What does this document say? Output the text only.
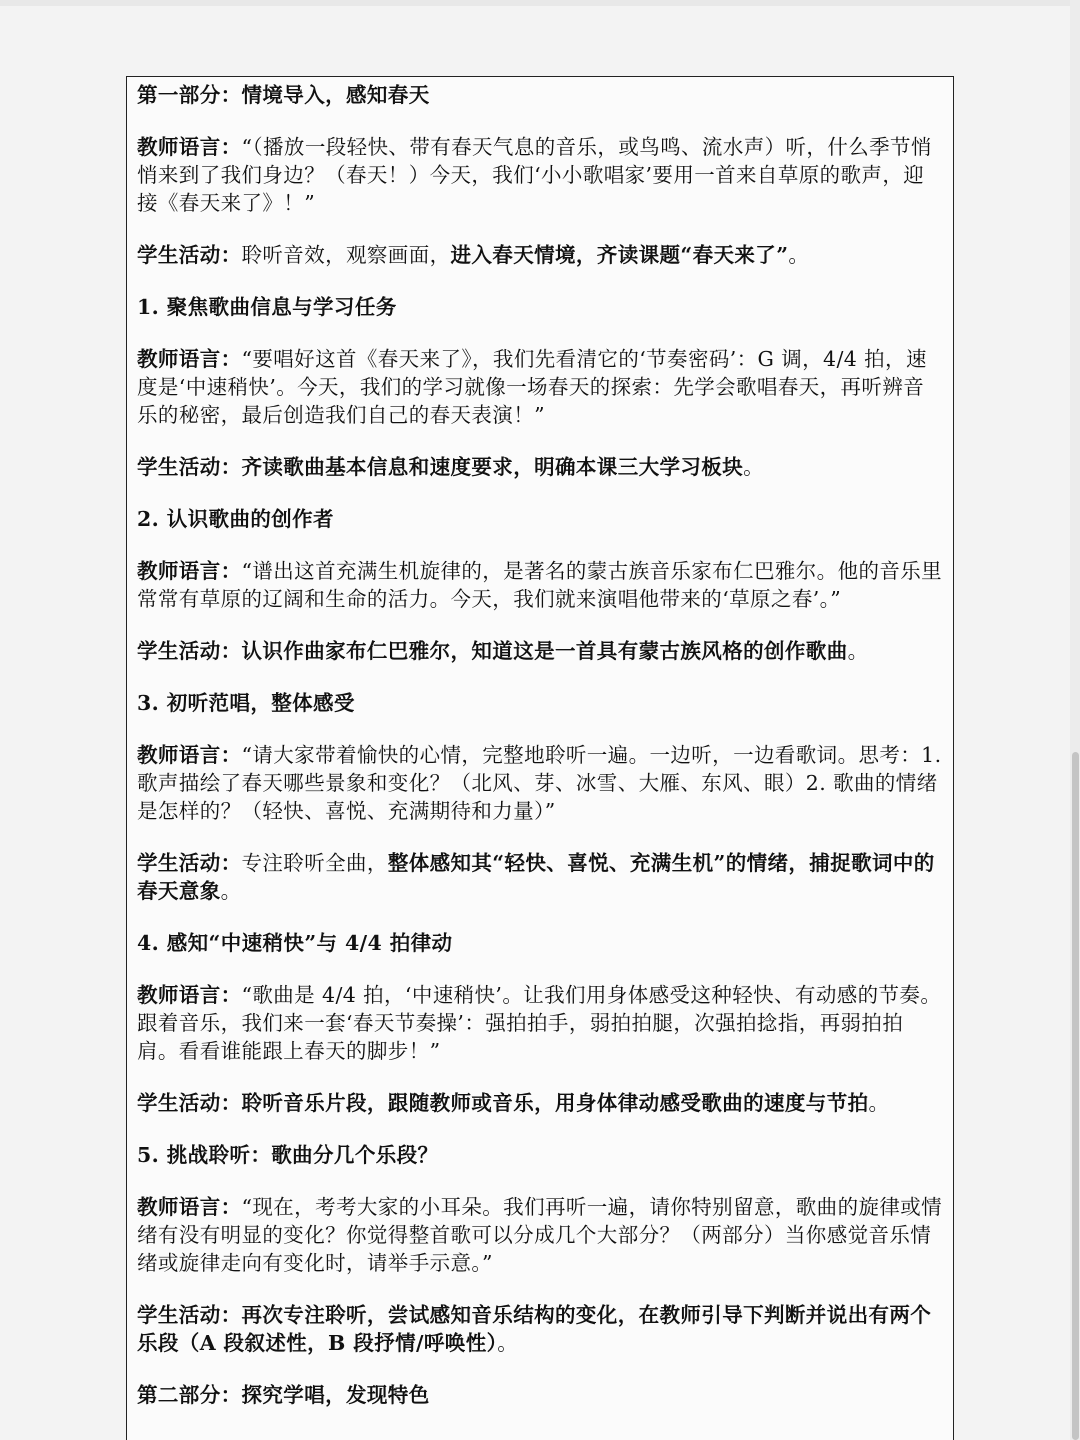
第一部分：情境导入，感知春天

教师语言：“（播放一段轻快、带有春天气息的音乐，或鸟鸣、流水声）听，什么季节悄悄来到了我们身边？（春天！）今天，我们‘小小歌唱家’要用一首来自草原的歌声，迎接《春天来了》！”

学生活动：聆听音效，观察画面，进入春天情境，齐读课题“春天来了”。

1. 聚焦歌曲信息与学习任务

教师语言：“要唱好这首《春天来了》，我们先看清它的‘节奏密码’：G 调，4/4 拍，速度是‘中速稍快’。今天，我们的学习就像一场春天的探索：先学会歌唱春天，再听辨音乐的秘密，最后创造我们自己的春天表演！”

学生活动：齐读歌曲基本信息和速度要求，明确本课三大学习板块。

2. 认识歌曲的创作者

教师语言：“谱出这首充满生机旋律的，是著名的蒙古族音乐家布仁巴雅尔。他的音乐里常常有草原的辽阔和生命的活力。今天，我们就来演唱他带来的‘草原之春’。”

学生活动：认识作曲家布仁巴雅尔，知道这是一首具有蒙古族风格的创作歌曲。

3. 初听范唱，整体感受

教师语言：“请大家带着愉快的心情，完整地聆听一遍。一边听，一边看歌词。思考：1. 歌声描绘了春天哪些景象和变化？（北风、芽、冰雪、大雁、东风、眼）2. 歌曲的情绪是怎样的？（轻快、喜悦、充满期待和力量）”

学生活动：专注聆听全曲，整体感知其“轻快、喜悦、充满生机”的情绪，捕捉歌词中的春天意象。

4. 感知“中速稍快”与 4/4 拍律动

教师语言：“歌曲是 4/4 拍，‘中速稍快’。让我们用身体感受这种轻快、有动感的节奏。跟着音乐，我们来一套‘春天节奏操’：强拍拍手，弱拍拍腿，次强拍捻指，再弱拍拍肩。看看谁能跟上春天的脚步！”

学生活动：聆听音乐片段，跟随教师或音乐，用身体律动感受歌曲的速度与节拍。

5. 挑战聆听：歌曲分几个乐段？

教师语言：“现在，考考大家的小耳朵。我们再听一遍，请你特别留意，歌曲的旋律或情绪有没有明显的变化？你觉得整首歌可以分成几个大部分？（两部分）当你感觉音乐情绪或旋律走向有变化时，请举手示意。”

学生活动：再次专注聆听，尝试感知音乐结构的变化，在教师引导下判断并说出有两个乐段（A 段叙述性，B 段抒情/呼唤性）。

第二部分：探究学唱，发现特色
